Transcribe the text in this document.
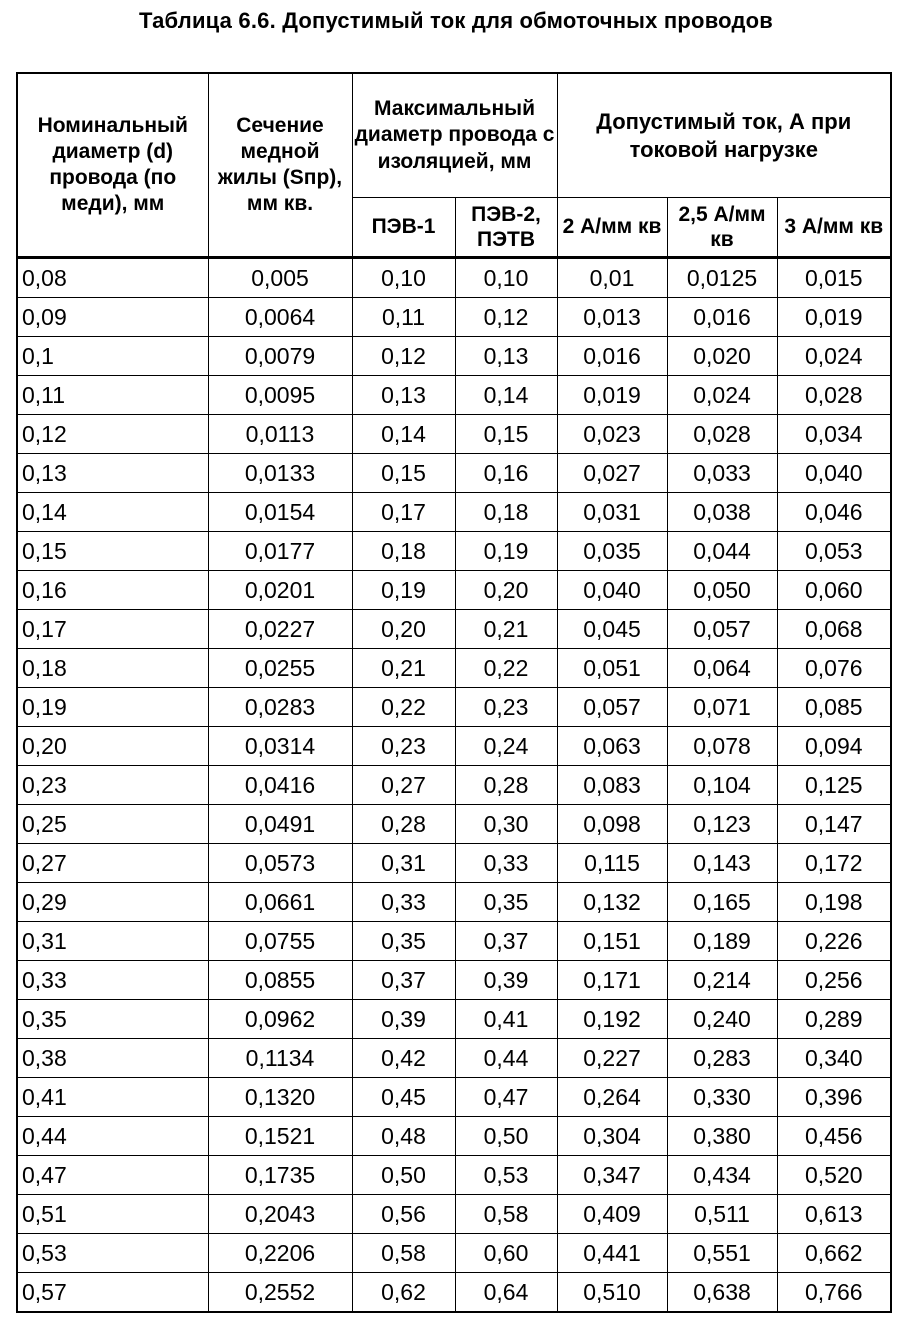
Таблица 6.6. Допустимый ток для обмоточных проводов
Номинальный диаметр (d) провода (по меди), мм	Сечение медной жилы (Sпр), мм кв.	Максимальный диаметр провода с изоляцией, мм		Допустимый ток, А при токовой нагрузке		
		ПЭВ-1	ПЭВ-2, ПЭТВ	2 А/мм кв	2,5 А/мм кв	3 А/мм кв
0,08	0,005	0,10	0,10	0,01	0,0125	0,015
0,09	0,0064	0,11	0,12	0,013	0,016	0,019
0,1	0,0079	0,12	0,13	0,016	0,020	0,024
0,11	0,0095	0,13	0,14	0,019	0,024	0,028
0,12	0,0113	0,14	0,15	0,023	0,028	0,034
0,13	0,0133	0,15	0,16	0,027	0,033	0,040
0,14	0,0154	0,17	0,18	0,031	0,038	0,046
0,15	0,0177	0,18	0,19	0,035	0,044	0,053
0,16	0,0201	0,19	0,20	0,040	0,050	0,060
0,17	0,0227	0,20	0,21	0,045	0,057	0,068
0,18	0,0255	0,21	0,22	0,051	0,064	0,076
0,19	0,0283	0,22	0,23	0,057	0,071	0,085
0,20	0,0314	0,23	0,24	0,063	0,078	0,094
0,23	0,0416	0,27	0,28	0,083	0,104	0,125
0,25	0,0491	0,28	0,30	0,098	0,123	0,147
0,27	0,0573	0,31	0,33	0,115	0,143	0,172
0,29	0,0661	0,33	0,35	0,132	0,165	0,198
0,31	0,0755	0,35	0,37	0,151	0,189	0,226
0,33	0,0855	0,37	0,39	0,171	0,214	0,256
0,35	0,0962	0,39	0,41	0,192	0,240	0,289
0,38	0,1134	0,42	0,44	0,227	0,283	0,340
0,41	0,1320	0,45	0,47	0,264	0,330	0,396
0,44	0,1521	0,48	0,50	0,304	0,380	0,456
0,47	0,1735	0,50	0,53	0,347	0,434	0,520
0,51	0,2043	0,56	0,58	0,409	0,511	0,613
0,53	0,2206	0,58	0,60	0,441	0,551	0,662
0,57	0,2552	0,62	0,64	0,510	0,638	0,766
